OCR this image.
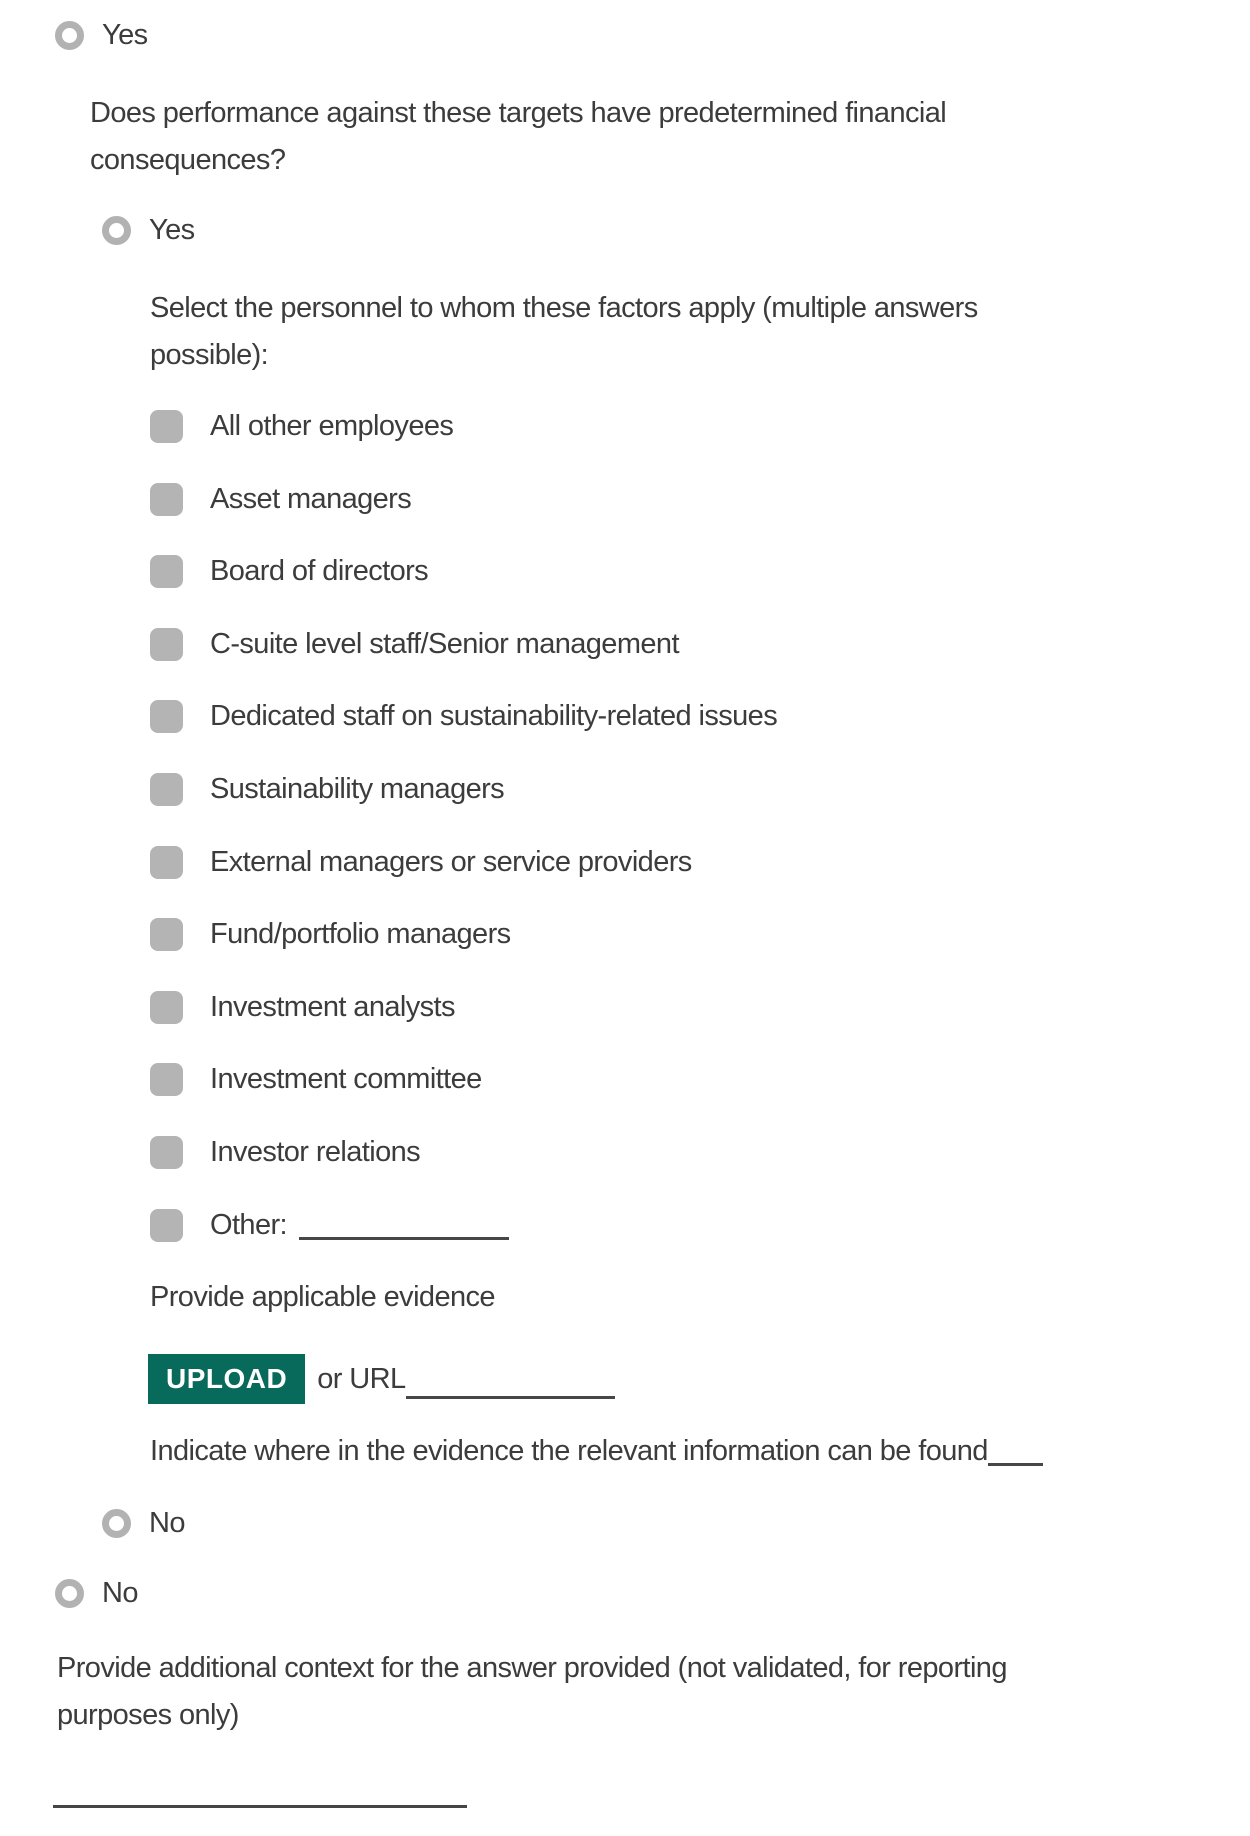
Yes
Does performance against these targets have predetermined financial
consequences?
Yes
Select the personnel to whom these factors apply (multiple answers
possible):
All other employees
Asset managers
Board of directors
C-suite level staff/Senior management
Dedicated staff on sustainability-related issues
Sustainability managers
External managers or service providers
Fund/portfolio managers
Investment analysts
Investment committee
Investor relations
Other:
Provide applicable evidence
UPLOAD	or URL
Indicate where in the evidence the relevant information can be found
No
No
Provide additional context for the answer provided (not validated, for reporting
purposes only)
